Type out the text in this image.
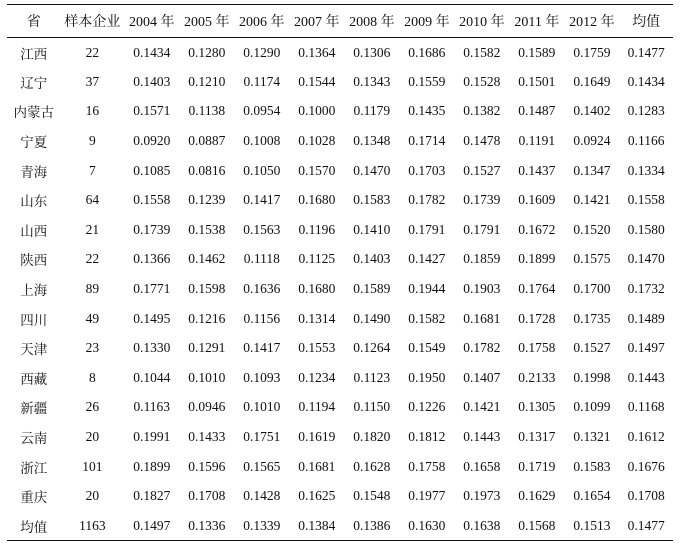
省	样本企业	2004 年	2005 年	2006 年	2007 年	2008 年	2009 年	2010 年	2011 年	2012 年	均值
江西	22	0.1434	0.1280	0.1290	0.1364	0.1306	0.1686	0.1582	0.1589	0.1759	0.1477
辽宁	37	0.1403	0.1210	0.1174	0.1544	0.1343	0.1559	0.1528	0.1501	0.1649	0.1434
内蒙古	16	0.1571	0.1138	0.0954	0.1000	0.1179	0.1435	0.1382	0.1487	0.1402	0.1283
宁夏	9	0.0920	0.0887	0.1008	0.1028	0.1348	0.1714	0.1478	0.1191	0.0924	0.1166
青海	7	0.1085	0.0816	0.1050	0.1570	0.1470	0.1703	0.1527	0.1437	0.1347	0.1334
山东	64	0.1558	0.1239	0.1417	0.1680	0.1583	0.1782	0.1739	0.1609	0.1421	0.1558
山西	21	0.1739	0.1538	0.1563	0.1196	0.1410	0.1791	0.1791	0.1672	0.1520	0.1580
陕西	22	0.1366	0.1462	0.1118	0.1125	0.1403	0.1427	0.1859	0.1899	0.1575	0.1470
上海	89	0.1771	0.1598	0.1636	0.1680	0.1589	0.1944	0.1903	0.1764	0.1700	0.1732
四川	49	0.1495	0.1216	0.1156	0.1314	0.1490	0.1582	0.1681	0.1728	0.1735	0.1489
天津	23	0.1330	0.1291	0.1417	0.1553	0.1264	0.1549	0.1782	0.1758	0.1527	0.1497
西藏	8	0.1044	0.1010	0.1093	0.1234	0.1123	0.1950	0.1407	0.2133	0.1998	0.1443
新疆	26	0.1163	0.0946	0.1010	0.1194	0.1150	0.1226	0.1421	0.1305	0.1099	0.1168
云南	20	0.1991	0.1433	0.1751	0.1619	0.1820	0.1812	0.1443	0.1317	0.1321	0.1612
浙江	101	0.1899	0.1596	0.1565	0.1681	0.1628	0.1758	0.1658	0.1719	0.1583	0.1676
重庆	20	0.1827	0.1708	0.1428	0.1625	0.1548	0.1977	0.1973	0.1629	0.1654	0.1708
均值	1163	0.1497	0.1336	0.1339	0.1384	0.1386	0.1630	0.1638	0.1568	0.1513	0.1477
